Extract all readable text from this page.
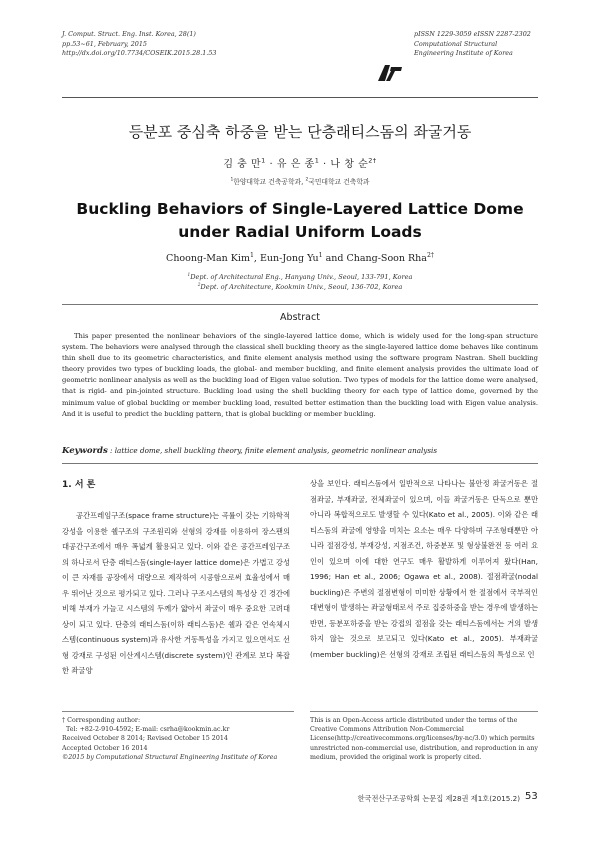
J. Comput. Struct. Eng. Inst. Korea, 28(1)
pp.53~61, February, 2015
http://dx.doi.org/10.7734/COSEIK.2015.28.1.53
pISSN 1229-3059 eISSN 2287-2302
Computational Structural
Engineering Institute of Korea
등분포 중심축 하중을 받는 단층래티스돔의 좌굴거동
김 충 만$^1$ · 유 은 종$^1$ · 나 창 순$^{2\dagger}$
$^1$한양대학교 건축공학과, $^2$국민대학교 건축학과
Buckling Behaviors of Single-Layered Lattice Dome under Radial Uniform Loads
Choong-Man Kim$^1$, Eun-Jong Yu$^1$ and Chang-Soon Rha$^{2\dagger}$
$^1$Dept. of Architectural Eng., Hanyang Univ., Seoul, 133-791, Korea
$^2$Dept. of Architecture, Kookmin Univ., Seoul, 136-702, Korea
Abstract
This paper presented the nonlinear behaviors of the single-layered lattice dome, which is widely used for the long-span structure system. The behaviors were analysed through the classical shell buckling theory as the single-layered lattice dome behaves like continum thin shell due to its geometric characteristics, and finite element analysis method using the software program Nastran. Shell buckling theory provides two types of buckling loads, the global- and member buckling, and finite element analysis provides the ultimate load of geometric nonlinear analysis as well as the buckling load of Eigen value solution. Two types of models for the lattice dome were analysed, that is rigid- and pin-jointed structure. Buckling load using the shell buckling theory for each type of lattice dome, governed by the minimum value of global buckling or member buckling load, resulted better estimation than the buckling load with Eigen value analysis. And it is useful to predict the buckling pattern, that is global buckling or member buckling.
Keywords : lattice dome, shell buckling theory, finite element analysis, geometric nonlinear analysis
1. 서 론

공간프레임구조(space frame structure)는 곡률이 갖는 기하학적 강성을 이용한 쉘구조의 구조원리와 선형의 강재를 이용하여 장스팬의 대공간구조에서 매우 폭넓게 활용되고 있다. 이와 같은 공간프레임구조의 하나로서 단층 래티스돔(single-layer lattice dome)은 가볍고 강성이 큰 자재를 공장에서 대량으로 제작하여 시공함으로써 효율성에서 매우 뛰어난 것으로 평가되고 있다. 그러나 구조시스템의 특성상 긴 경간에 비해 부재가 가늘고 시스템의 두께가 얇아서 좌굴이 매우 중요한 고려대상이 되고 있다. 단층의 래티스돔(이하 래티스돔)은 쉘과 같은 연속체시스템(continuous system)과 유사한 거동특성을 가지고 있으면서도 선형 강재로 구성된 이산계시스템(discrete system)인 관계로 보다 복잡한 좌굴양

상을 보인다. 래티스돔에서 일반적으로 나타나는 불안정 좌굴거동은 절점좌굴, 부재좌굴, 전체좌굴이 있으며, 이들 좌굴거동은 단독으로 뿐만 아니라 복합적으로도 발생할 수 있다(Kato et al., 2005). 이와 같은 래티스돔의 좌굴에 영향을 미치는 요소는 매우 다양하며 구조형태뿐만 아니라 절점강성, 부재강성, 지점조건, 하중분포 및 형상불완전 등 여러 요인이 있으며 이에 대한 연구도 매우 활발하게 이루어져 왔다(Han, 1996; Han et al., 2006; Ogawa et al., 2008). 절점좌굴(nodal buckling)은 주변의 절점변형이 미미한 상황에서 한 절점에서 국부적인 대변형이 발생하는 좌굴형태로서 주로 집중하중을 받는 경우에 발생하는 반면, 등분포하중을 받는 강접의 절점을 갖는 래티스돔에서는 거의 발생하지 않는 것으로 보고되고 있다(Kato et al., 2005). 부재좌굴(member buckling)은 선형의 강재로 조립된 래티스돔의 특성으로 인

† Corresponding author:
Tel: +82-2-910-4592; E-mail: csrha@kookmin.ac.kr
Received October 8 2014; Revised October 15 2014
Accepted October 16 2014
©2015 by Computational Structural Engineering Institute of Korea
This is an Open-Access article distributed under the terms of the Creative Commons Attribution Non-Commercial License(http://creativecommons.org/licenses/by-nc/3.0) which permits unrestricted non-commercial use, distribution, and reproduction in any medium, provided the original work is properly cited.
한국전산구조공학회 논문집 제28권 제1호(2015.2) 53
